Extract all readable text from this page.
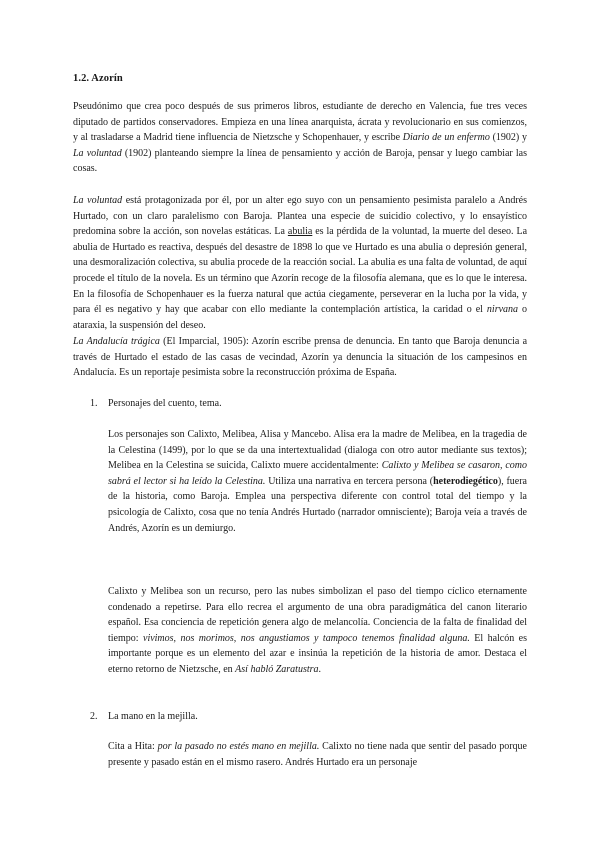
1.2. Azorín

Pseudónimo que crea poco después de sus primeros libros, estudiante de derecho en Valencia, fue tres veces diputado de partidos conservadores. Empieza en una línea anarquista, ácrata y revolucionario en sus comienzos, y al trasladarse a Madrid tiene influencia de Nietzsche y Schopenhauer, y escribe Diario de un enfermo (1902) y La voluntad (1902) planteando siempre la línea de pensamiento y acción de Baroja, pensar y luego cambiar las cosas.

La voluntad está protagonizada por él, por un alter ego suyo con un pensamiento pesimista paralelo a Andrés Hurtado, con un claro paralelismo con Baroja. Plantea una especie de suicidio colectivo, y lo ensayístico predomina sobre la acción, son novelas estáticas. La abulia es la pérdida de la voluntad, la muerte del deseo. La abulia de Hurtado es reactiva, después del desastre de 1898 lo que ve Hurtado es una abulia o depresión general, una desmoralización colectiva, su abulia procede de la reacción social. La abulia es una falta de voluntad, de aquí procede el título de la novela. Es un término que Azorín recoge de la filosofía alemana, que es lo que le interesa. En la filosofía de Schopenhauer es la fuerza natural que actúa ciegamente, perseverar en la lucha por la vida, y para él es negativo y hay que acabar con ello mediante la contemplación artística, la caridad o el nirvana o ataraxia, la suspensión del deseo.

La Andalucía trágica (El Imparcial, 1905): Azorín escribe prensa de denuncia. En tanto que Baroja denuncia a través de Hurtado el estado de las casas de vecindad, Azorín ya denuncia la situación de los campesinos en Andalucía. Es un reportaje pesimista sobre la reconstrucción próxima de España.

1. Personajes del cuento, tema.

Los personajes son Calixto, Melibea, Alisa y Mancebo. Alisa era la madre de Melibea, en la tragedia de la Celestina (1499), por lo que se da una intertextualidad (dialoga con otro autor mediante sus textos); Melibea en la Celestina se suicida, Calixto muere accidentalmente: Calixto y Melibea se casaron, como sabrá el lector si ha leído la Celestina. Utiliza una narrativa en tercera persona (heterodiegético), fuera de la historia, como Baroja. Emplea una perspectiva diferente con control total del tiempo y la psicología de Calixto, cosa que no tenía Andrés Hurtado (narrador omnisciente); Baroja veía a través de Andrés, Azorín es un demiurgo.

Calixto y Melibea son un recurso, pero las nubes simbolizan el paso del tiempo cíclico eternamente condenado a repetirse. Para ello recrea el argumento de una obra paradigmática del canon literario español. Esa conciencia de repetición genera algo de melancolía. Conciencia de la falta de finalidad del tiempo: vivimos, nos morimos, nos angustiamos y tampoco tenemos finalidad alguna. El halcón es importante porque es un elemento del azar e insinúa la repetición de la historia de amor. Destaca el eterno retorno de Nietzsche, en Así habló Zaratustra.

2. La mano en la mejilla.

Cita a Hita: por la pasado no estés mano en mejilla. Calixto no tiene nada que sentir del pasado porque presente y pasado están en el mismo rasero. Andrés Hurtado era un personaje
